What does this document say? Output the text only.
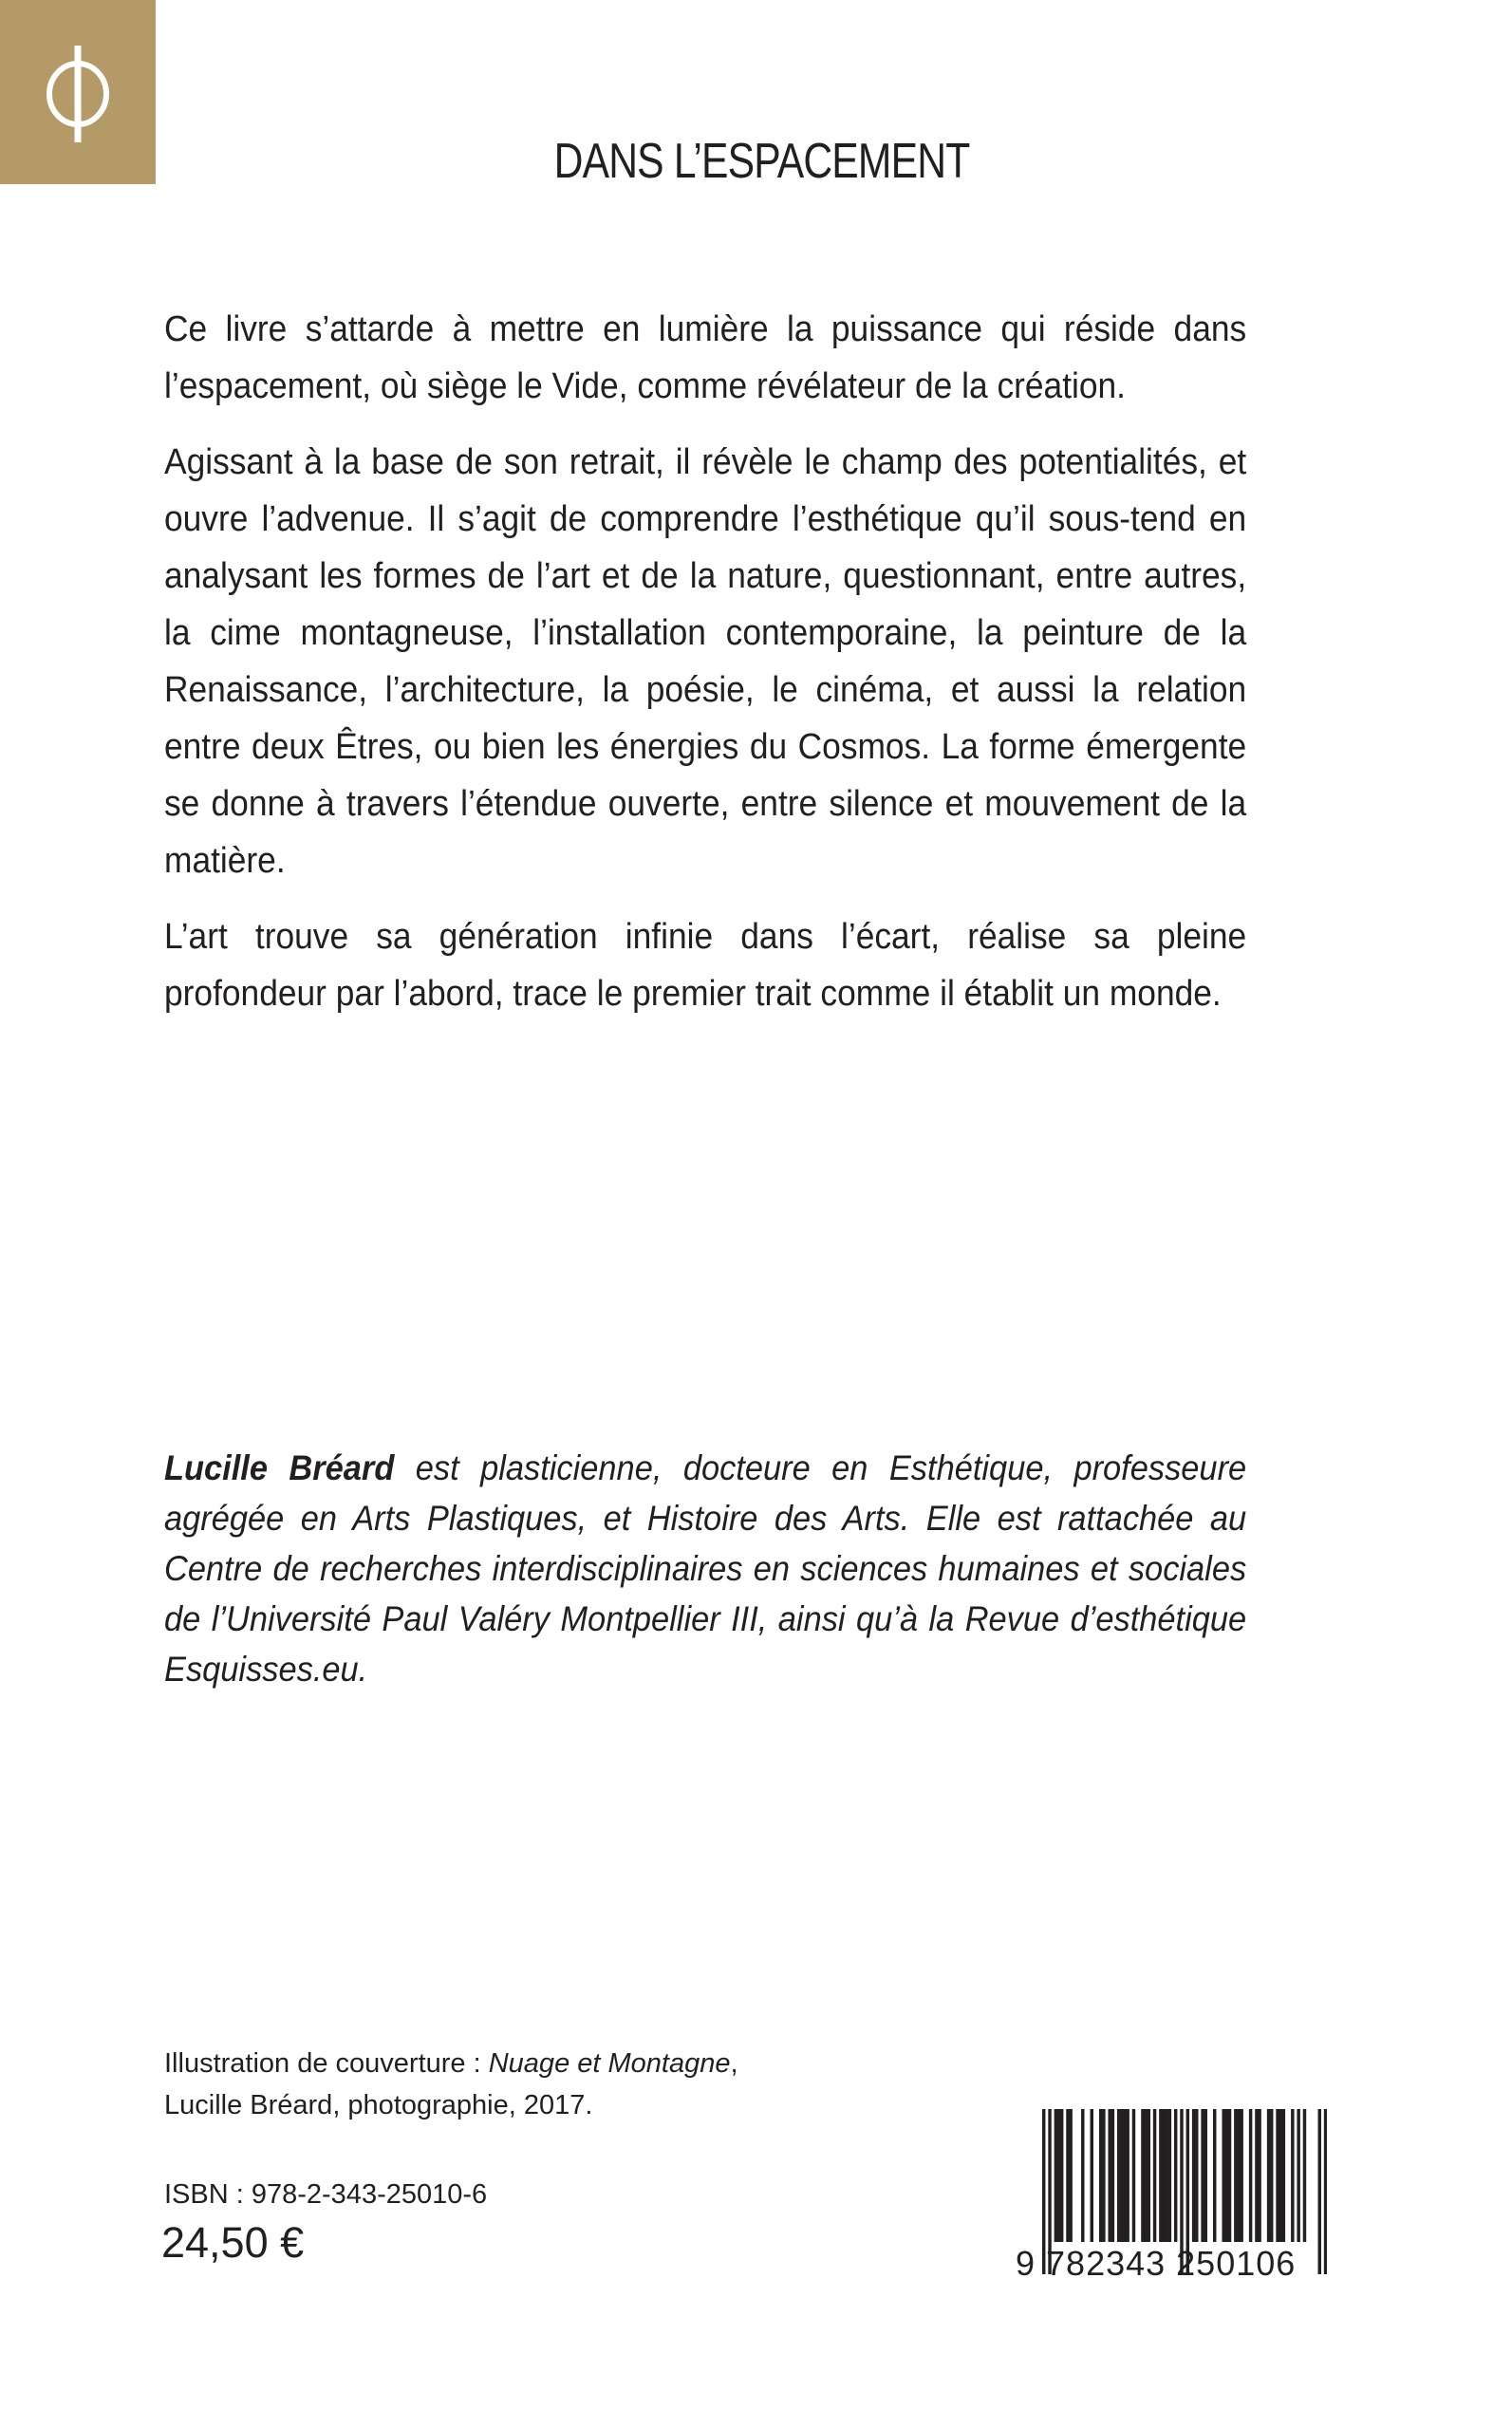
DANS L’ESPACEMENT

Ce livre s’attarde à mettre en lumière la puissance qui réside dans l’espacement, où siège le Vide, comme révélateur de la création.

Agissant à la base de son retrait, il révèle le champ des potentialités, et ouvre l’advenue. Il s’agit de comprendre l’esthétique qu’il sous-tend en analysant les formes de l’art et de la nature, questionnant, entre autres, la cime montagneuse, l’installation contemporaine, la peinture de la Renaissance, l’architecture, la poésie, le cinéma, et aussi la relation entre deux Êtres, ou bien les énergies du Cosmos. La forme émergente se donne à travers l’étendue ouverte, entre silence et mouvement de la matière.

L’art trouve sa génération infinie dans l’écart, réalise sa pleine profondeur par l’abord, trace le premier trait comme il établit un monde.

Lucille Bréard est plasticienne, docteure en Esthétique, professeure agrégée en Arts Plastiques, et Histoire des Arts. Elle est rattachée au Centre de recherches interdisciplinaires en sciences humaines et sociales de l’Université Paul Valéry Montpellier III, ainsi qu’à la Revue d’esthétique Esquisses.eu.

Illustration de couverture : Nuage et Montagne,
Lucille Bréard, photographie, 2017.

ISBN : 978-2-343-25010-6

24,50 €	9 782343 250106
